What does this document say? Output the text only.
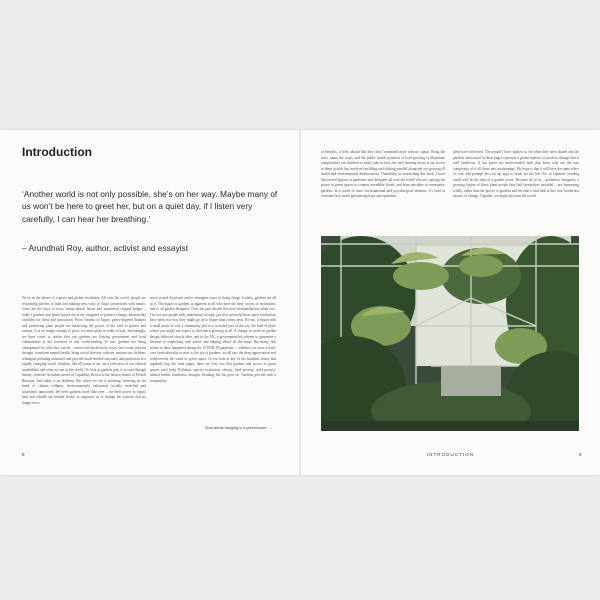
Introduction

‘Another world is not only possible, she’s on her way. Maybe many of us won’t be here to greet her, but on a quiet day, if I listen very carefully, I can hear her breathing.’

– Arundhati Roy, author, activist and essayist

We’re in the throes of a green and global revolution. All over the world, people are reclaiming patches of land and making new ways to forge connections with nature. Gone are the days of toxic, monocultural lawns and manicured clipped hedges – today’s gardens and green spaces are at the vanguard of positive change, modern-day crucibles for ideas and innovation. From Toronto to Taipei, green-fingered thinkers and pioneering plant people are harnessing the power of the wild to protect and nurture. It is no longer enough to grow, we must plant in order to heal. Increasingly, we have come to realise that our gardens are leaving government and local communities at the forefront of real world-healing. At last, gardens are being championed for what they can do – reverse the biodiversity crisis, save water, prevent drought, transform mental health, bring social division, educate, nurture our children, reimagine polluting industries and provide much-needed sanctuary and protection in a rapidly changing world. Gardens, like all forms of art, are a reflection of our cultural sensibilities and what we see in the world. To look at gardens past is to read through history, from the Arcadian curves of Capability Brown to the terrace estates of French Baroque. And today is no different. But where we are is alarming: teetering on the brink of climate collapse, environmentally exhausted, socially wretched and sometimes unmoored. We need gardens more than ever – for their power to repair, heal and rebuild our broken world, to empower us to change the systems that no longer serve.

serve us and the planet and to reimagine ways of doing things. Luckily, gardens are all in it. The magic of gardens is apparent to all who have the time, access or inclination, and to all garden designers. Over the past decade this new relationship has taken root. I’m not sure people fully understand, though, just how powerful these quiet revolutions have been, nor how they might go on to shape what comes next. For me, it began with a small patch of soil: a community plot in a crowded part of the city, the kind of place where you might not expect to find much growing at all. A change in career in garden design followed shortly after, and in the UK, a government-led scheme to guarantee a lifetime of connecting with nature and helping others do the same. But many, this seems to have happened during the COVID-19 pandemic – whether you were a hard-core horticulturalist or new to the joy of gardens, we all saw the deep appreciation and rediscovered the value of green space. If you look at any of the headline issues that regularly hog the front pages, there are very few that gardens and access to green spaces can’t help. Pollution, species extinction, obesity, food poverty, child poverty, mental health, loneliness, drought, flooding, the list goes on. Gardens provide such a tremendous

Succulents hanging in a greenhouse. →
8

of benefits, it feels absurd that they don’t command more serious capital. Bring the facts, name the crops, and the public health potential of food growing to illuminate complexities, our children so easily take in facts, the only limiting factor is our access to them (which has involved rewilding and shifting parallel alongside our growing ill health and environmental deterioration). Thankfully, in researching this book, I have discovered legions of gardeners and designers all over the world who are copying the power of green spaces to counter incredible floods, and from outsiders to community gardens. In a world of toxic environmental and psychological tensions, it’s hard to overstate how much galvanising hope and optimism

these have delivered. The people I have spoken to, the ideas they have shared and the gardens showcased in these pages represent a global tapestry of positive change that is well underway. It has given me much-needed faith that those who see the vast complexity of it all, these new awakenings. My hope is that it will have the same effect on you, and perhaps also stir an urge to reach for the hoe. For in Japanese wording could well be the idea of a garden acorn. Because all of us – gardeners, designers, a growing legion of these plant people that find themselves included – are harnessing wildly, rather than the power of gardens and become a vital link in this vast, borderless mosaic of change. Together, we might just save the world.

INTRODUCTION	9
